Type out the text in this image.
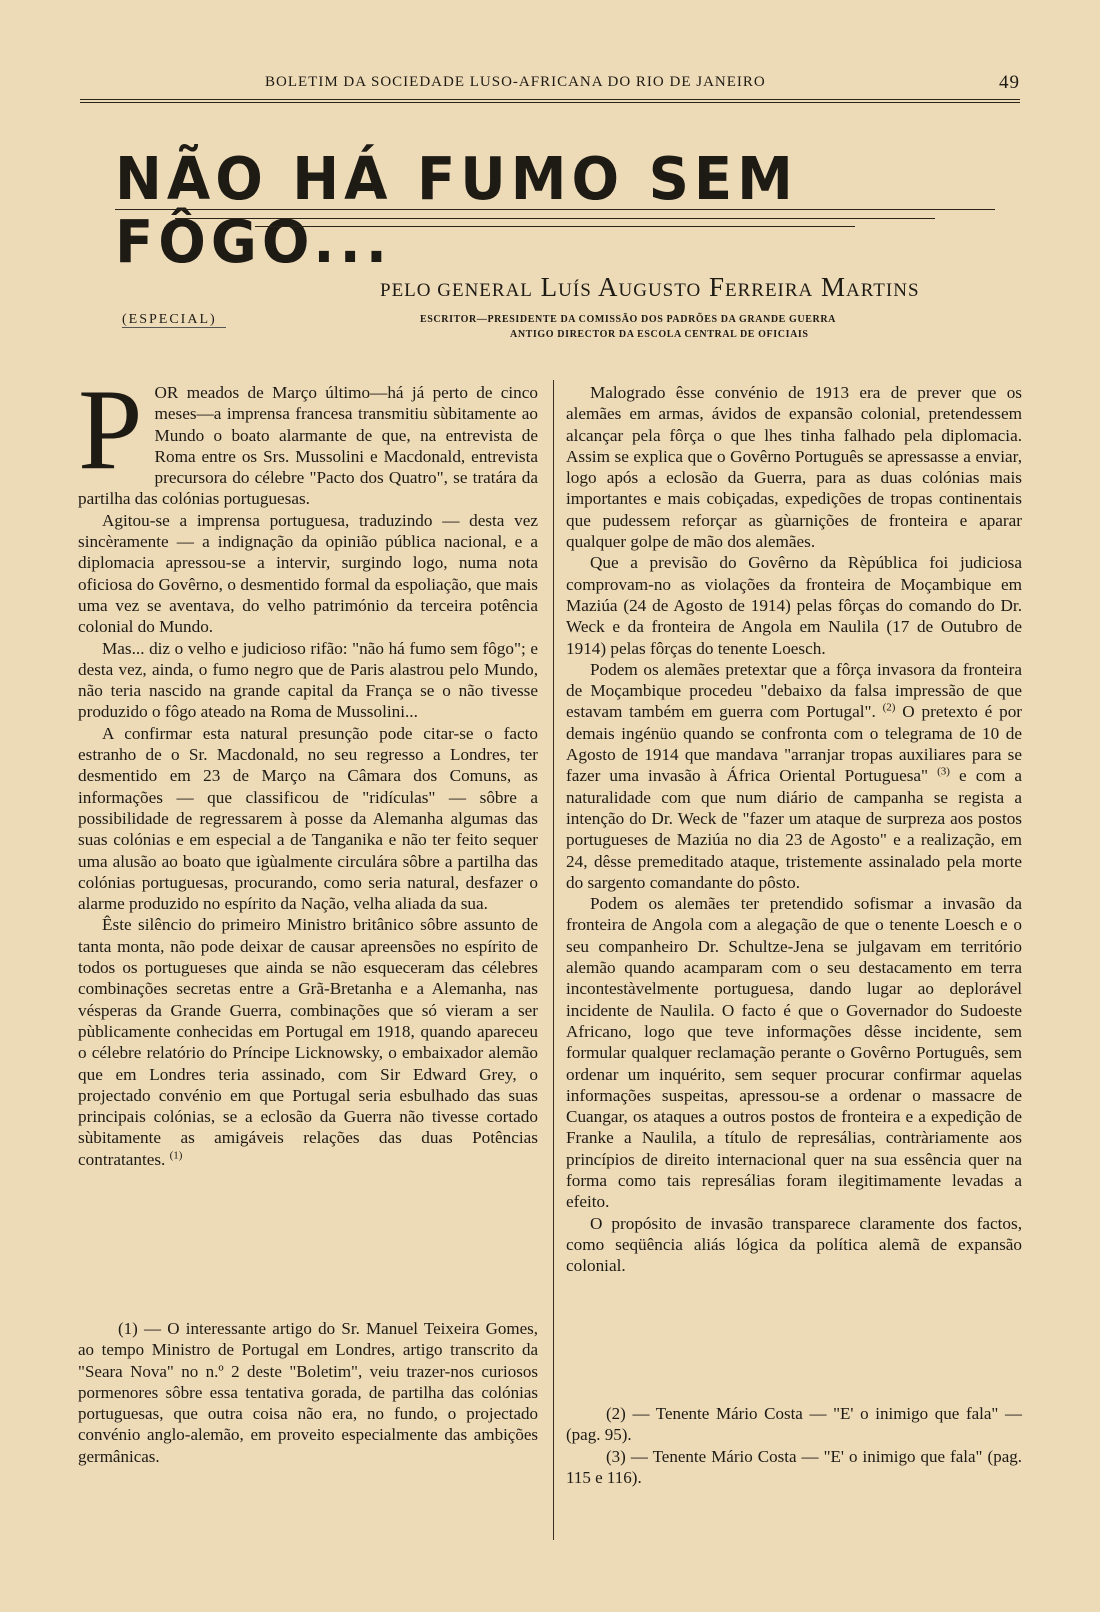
BOLETIM DA SOCIEDADE LUSO-AFRICANA DO RIO DE JANEIRO	49
NÃO HÁ FUMO SEM FÔGO...
PELO GENERAL Luís Augusto Ferreira Martins
(ESPECIAL)	ESCRITOR—PRESIDENTE DA COMISSÃO DOS PADRÕES DA GRANDE GUERRA
ANTIGO DIRECTOR DA ESCOLA CENTRAL DE OFICIAIS

POR meados de Março último—há já perto de cinco meses—a imprensa francesa transmitiu sùbitamente ao Mundo o boato alarmante de que, na entrevista de Roma entre os Srs. Mussolini e Macdonald, entrevista precursora do célebre "Pacto dos Quatro", se tratára da partilha das colónias portuguesas.

Agitou-se a imprensa portuguesa, traduzindo — desta vez sincèramente — a indignação da opinião pública nacional, e a diplomacia apressou-se a intervir, surgindo logo, numa nota oficiosa do Govêrno, o desmentido formal da espoliação, que mais uma vez se aventava, do velho património da terceira potência colonial do Mundo.

Mas... diz o velho e judicioso rifão: "não há fumo sem fôgo"; e desta vez, ainda, o fumo negro que de Paris alastrou pelo Mundo, não teria nascido na grande capital da França se o não tivesse produzido o fôgo ateado na Roma de Mussolini...

A confirmar esta natural presunção pode citar-se o facto estranho de o Sr. Macdonald, no seu regresso a Londres, ter desmentido em 23 de Março na Câmara dos Comuns, as informações — que classificou de "ridículas" — sôbre a possibilidade de regressarem à posse da Alemanha algumas das suas colónias e em especial a de Tanganika e não ter feito sequer uma alusão ao boato que igùalmente circulára sôbre a partilha das colónias portuguesas, procurando, como seria natural, desfazer o alarme produzido no espírito da Nação, velha aliada da sua.

Êste silêncio do primeiro Ministro britânico sôbre assunto de tanta monta, não pode deixar de causar apreensões no espírito de todos os portugueses que ainda se não esqueceram das célebres combinações secretas entre a Grã-Bretanha e a Alemanha, nas vésperas da Grande Guerra, combinações que só vieram a ser pùblicamente conhecidas em Portugal em 1918, quando apareceu o célebre relatório do Príncipe Licknowsky, o embaixador alemão que em Londres teria assinado, com Sir Edward Grey, o projectado convénio em que Portugal seria esbulhado das suas principais colónias, se a eclosão da Guerra não tivesse cortado sùbitamente as amigáveis relações das duas Potências contratantes. $^{(1)}$

(1) — O interessante artigo do Sr. Manuel Teixeira Gomes, ao tempo Ministro de Portugal em Londres, artigo transcrito da "Seara Nova" no n.º 2 deste "Boletim", veiu trazer-nos curiosos pormenores sôbre essa tentativa gorada, de partilha das colónias portuguesas, que outra coisa não era, no fundo, o projectado convénio anglo-alemão, em proveito especialmente das ambições germânicas.

Malogrado êsse convénio de 1913 era de prever que os alemães em armas, ávidos de expansão colonial, pretendessem alcançar pela fôrça o que lhes tinha falhado pela diplomacia. Assim se explica que o Govêrno Português se apressasse a enviar, logo após a eclosão da Guerra, para as duas colónias mais importantes e mais cobiçadas, expedições de tropas continentais que pudessem reforçar as gùarnições de fronteira e aparar qualquer golpe de mão dos alemães.

Que a previsão do Govêrno da Rèpública foi judiciosa comprovam-no as violações da fronteira de Moçambique em Maziúa (24 de Agosto de 1914) pelas fôrças do comando do Dr. Weck e da fronteira de Angola em Naulila (17 de Outubro de 1914) pelas fôrças do tenente Loesch.

Podem os alemães pretextar que a fôrça invasora da fronteira de Moçambique procedeu "debaixo da falsa impressão de que estavam também em guerra com Portugal". $^{(2)}$ O pretexto é por demais ingénüo quando se confronta com o telegrama de 10 de Agosto de 1914 que mandava "arranjar tropas auxiliares para se fazer uma invasão à África Oriental Portuguesa" $^{(3)}$ e com a naturalidade com que num diário de campanha se regista a intenção do Dr. Weck de "fazer um ataque de surpreza aos postos portugueses de Maziúa no dia 23 de Agosto" e a realização, em 24, dêsse premeditado ataque, tristemente assinalado pela morte do sargento comandante do pôsto.

Podem os alemães ter pretendido sofismar a invasão da fronteira de Angola com a alegação de que o tenente Loesch e o seu companheiro Dr. Schultze-Jena se julgavam em território alemão quando acamparam com o seu destacamento em terra incontestàvelmente portuguesa, dando lugar ao deplorável incidente de Naulila. O facto é que o Governador do Sudoeste Africano, logo que teve informações dêsse incidente, sem formular qualquer reclamação perante o Govêrno Português, sem ordenar um inquérito, sem sequer procurar confirmar aquelas informações suspeitas, apressou-se a ordenar o massacre de Cuangar, os ataques a outros postos de fronteira e a expedição de Franke a Naulila, a título de represálias, contràriamente aos princípios de direito internacional quer na sua essência quer na forma como tais represálias foram ilegitimamente levadas a efeito.

O propósito de invasão transparece claramente dos factos, como seqüência aliás lógica da política alemã de expansão colonial.

(2) — Tenente Mário Costa — "E' o inimigo que fala" — (pag. 95).

(3) — Tenente Mário Costa — "E' o inimigo que fala" (pag. 115 e 116).
